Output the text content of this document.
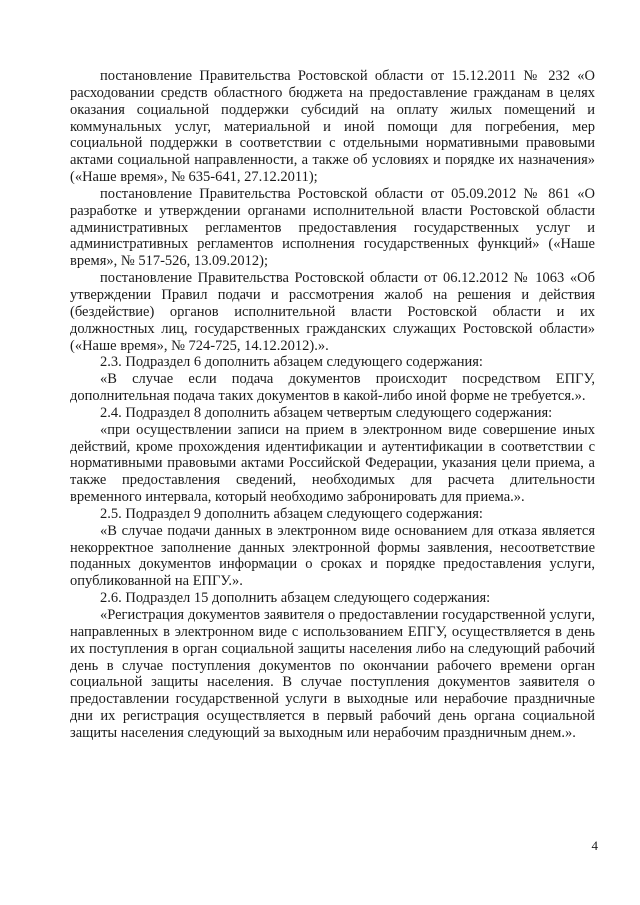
постановление Правительства Ростовской области от 15.12.2011 № 232 «О расходовании средств областного бюджета на предоставление гражданам в целях оказания социальной поддержки субсидий на оплату жилых помещений и коммунальных услуг, материальной и иной помощи для погребения, мер социальной поддержки в соответствии с отдельными нормативными правовыми актами социальной направленности, а также об условиях и порядке их назначения» («Наше время», № 635-641, 27.12.2011);

постановление Правительства Ростовской области от 05.09.2012 № 861 «О разработке и утверждении органами исполнительной власти Ростовской области административных регламентов предоставления государственных услуг и административных регламентов исполнения государственных функций» («Наше время», № 517-526, 13.09.2012);

постановление Правительства Ростовской области от 06.12.2012 № 1063 «Об утверждении Правил подачи и рассмотрения жалоб на решения и действия (бездействие) органов исполнительной власти Ростовской области и их должностных лиц, государственных гражданских служащих Ростовской области» («Наше время», № 724-725, 14.12.2012).».

2.3. Подраздел 6 дополнить абзацем следующего содержания:

«В случае если подача документов происходит посредством ЕПГУ, дополнительная подача таких документов в какой-либо иной форме не требуется.».

2.4. Подраздел 8 дополнить абзацем четвертым следующего содержания:

«при осуществлении записи на прием в электронном виде совершение иных действий, кроме прохождения идентификации и аутентификации в соответствии с нормативными правовыми актами Российской Федерации, указания цели приема, а также предоставления сведений, необходимых для расчета длительности временного интервала, который необходимо забронировать для приема.».

2.5. Подраздел 9 дополнить абзацем следующего содержания:

«В случае подачи данных в электронном виде основанием для отказа является некорректное заполнение данных электронной формы заявления, несоответствие поданных документов информации о сроках и порядке предоставления услуги, опубликованной на ЕПГУ.».

2.6. Подраздел 15 дополнить абзацем следующего содержания:

«Регистрация документов заявителя о предоставлении государственной услуги, направленных в электронном виде с использованием ЕПГУ, осуществляется в день их поступления в орган социальной защиты населения либо на следующий рабочий день в случае поступления документов по окончании рабочего времени орган социальной защиты населения. В случае поступления документов заявителя о предоставлении государственной услуги в выходные или нерабочие праздничные дни их регистрация осуществляется в первый рабочий день органа социальной защиты населения следующий за выходным или нерабочим праздничным днем.».

4
